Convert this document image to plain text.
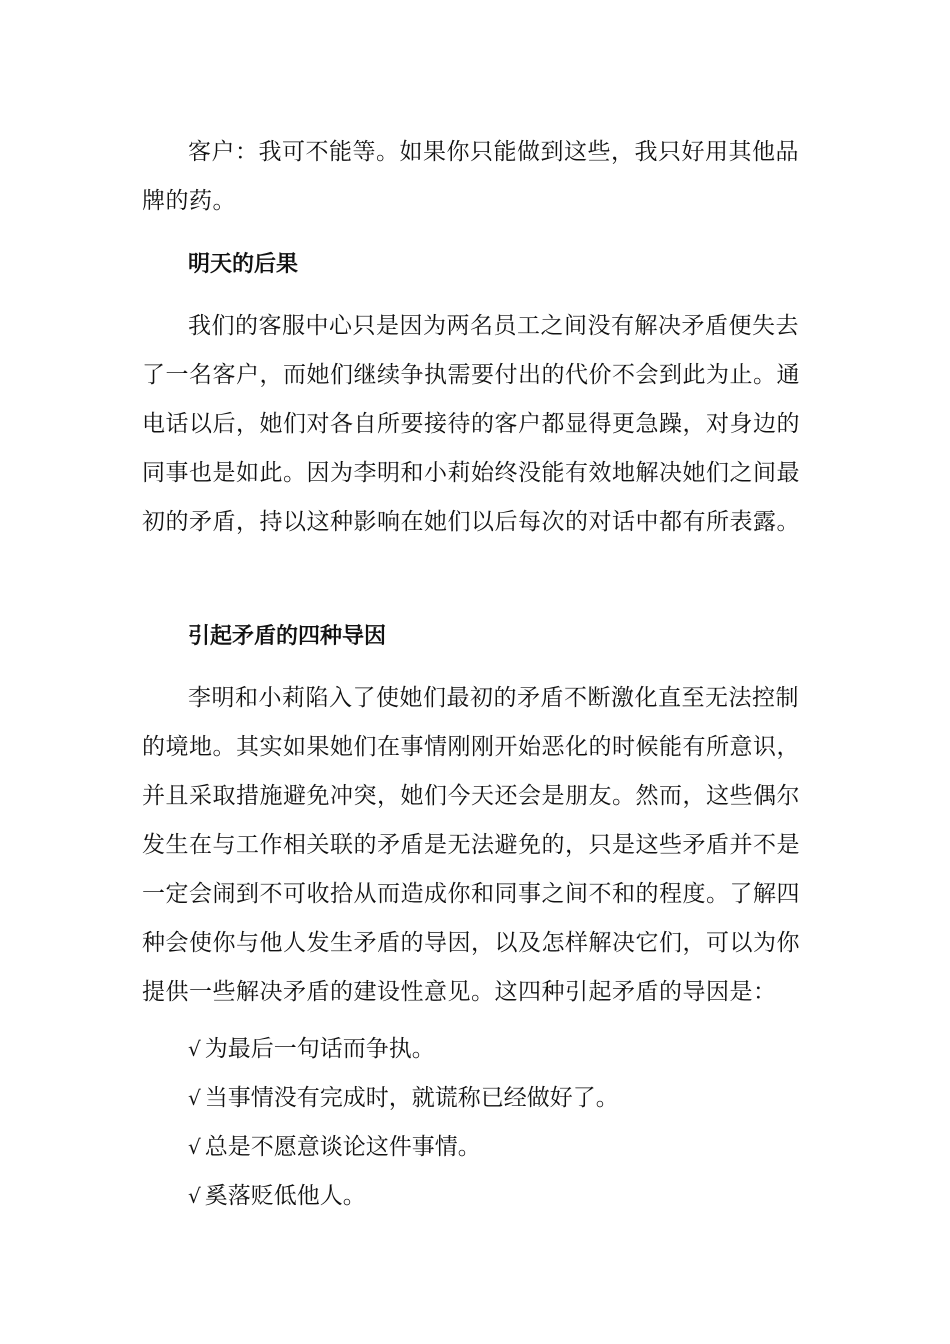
客户：我可不能等。如果你只能做到这些，我只好用其他品牌的药。

明天的后果

我们的客服中心只是因为两名员工之间没有解决矛盾便失去了一名客户，而她们继续争执需要付出的代价不会到此为止。通电话以后，她们对各自所要接待的客户都显得更急躁，对身边的同事也是如此。因为李明和小莉始终没能有效地解决她们之间最初的矛盾，持以这种影响在她们以后每次的对话中都有所表露。

引起矛盾的四种导因

李明和小莉陷入了使她们最初的矛盾不断激化直至无法控制的境地。其实如果她们在事情刚刚开始恶化的时候能有所意识，并且采取措施避免冲突，她们今天还会是朋友。然而，这些偶尔发生在与工作相关联的矛盾是无法避免的，只是这些矛盾并不是一定会闹到不可收拾从而造成你和同事之间不和的程度。了解四种会使你与他人发生矛盾的导因，以及怎样解决它们，可以为你提供一些解决矛盾的建设性意见。这四种引起矛盾的导因是：

√ 为最后一句话而争执。

√ 当事情没有完成时，就谎称已经做好了。

√ 总是不愿意谈论这件事情。

√ 奚落贬低他人。
